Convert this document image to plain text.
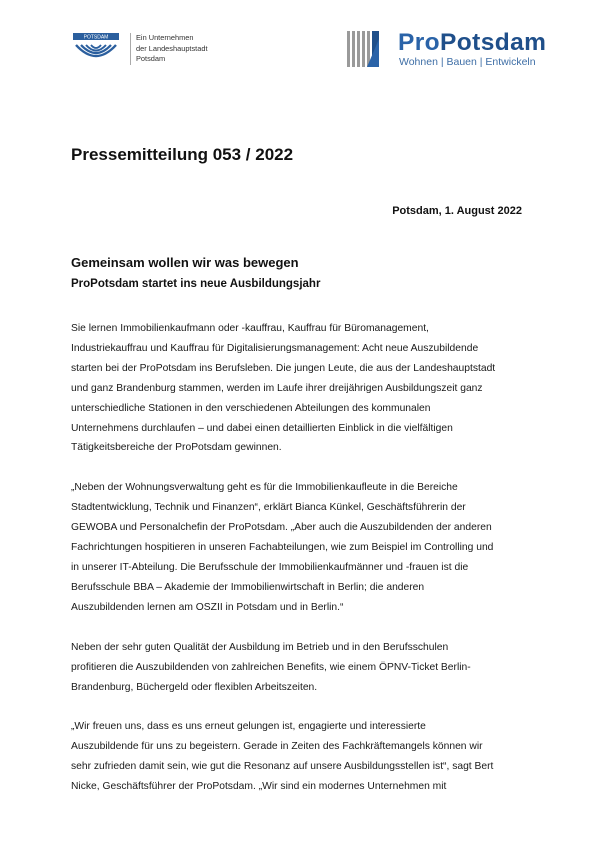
POTSDAM	Ein Unternehmen
der Landeshauptstadt
Potsdam
ProPotsdam
Wohnen | Bauen | Entwickeln
Pressemitteilung 053 / 2022
Potsdam, 1. August 2022
Gemeinsam wollen wir was bewegen
ProPotsdam startet ins neue Ausbildungsjahr
Sie lernen Immobilienkaufmann oder -kauffrau, Kauffrau für Büromanagement,
Industriekauffrau und Kauffrau für Digitalisierungsmanagement: Acht neue Auszubildende
starten bei der ProPotsdam ins Berufsleben. Die jungen Leute, die aus der Landeshauptstadt
und ganz Brandenburg stammen, werden im Laufe ihrer dreijährigen Ausbildungszeit ganz
unterschiedliche Stationen in den verschiedenen Abteilungen des kommunalen
Unternehmens durchlaufen – und dabei einen detaillierten Einblick in die vielfältigen
Tätigkeitsbereiche der ProPotsdam gewinnen.
„Neben der Wohnungsverwaltung geht es für die Immobilienkaufleute in die Bereiche
Stadtentwicklung, Technik und Finanzen“, erklärt Bianca Künkel, Geschäftsführerin der
GEWOBA und Personalchefin der ProPotsdam. „Aber auch die Auszubildenden der anderen
Fachrichtungen hospitieren in unseren Fachabteilungen, wie zum Beispiel im Controlling und
in unserer IT-Abteilung. Die Berufsschule der Immobilienkaufmänner und -frauen ist die
Berufsschule BBA – Akademie der Immobilienwirtschaft in Berlin; die anderen
Auszubildenden lernen am OSZII in Potsdam und in Berlin.“
Neben der sehr guten Qualität der Ausbildung im Betrieb und in den Berufsschulen
profitieren die Auszubildenden von zahlreichen Benefits, wie einem ÖPNV-Ticket Berlin-
Brandenburg, Büchergeld oder flexiblen Arbeitszeiten.
„Wir freuen uns, dass es uns erneut gelungen ist, engagierte und interessierte
Auszubildende für uns zu begeistern. Gerade in Zeiten des Fachkräftemangels können wir
sehr zufrieden damit sein, wie gut die Resonanz auf unsere Ausbildungsstellen ist“, sagt Bert
Nicke, Geschäftsführer der ProPotsdam. „Wir sind ein modernes Unternehmen mit
